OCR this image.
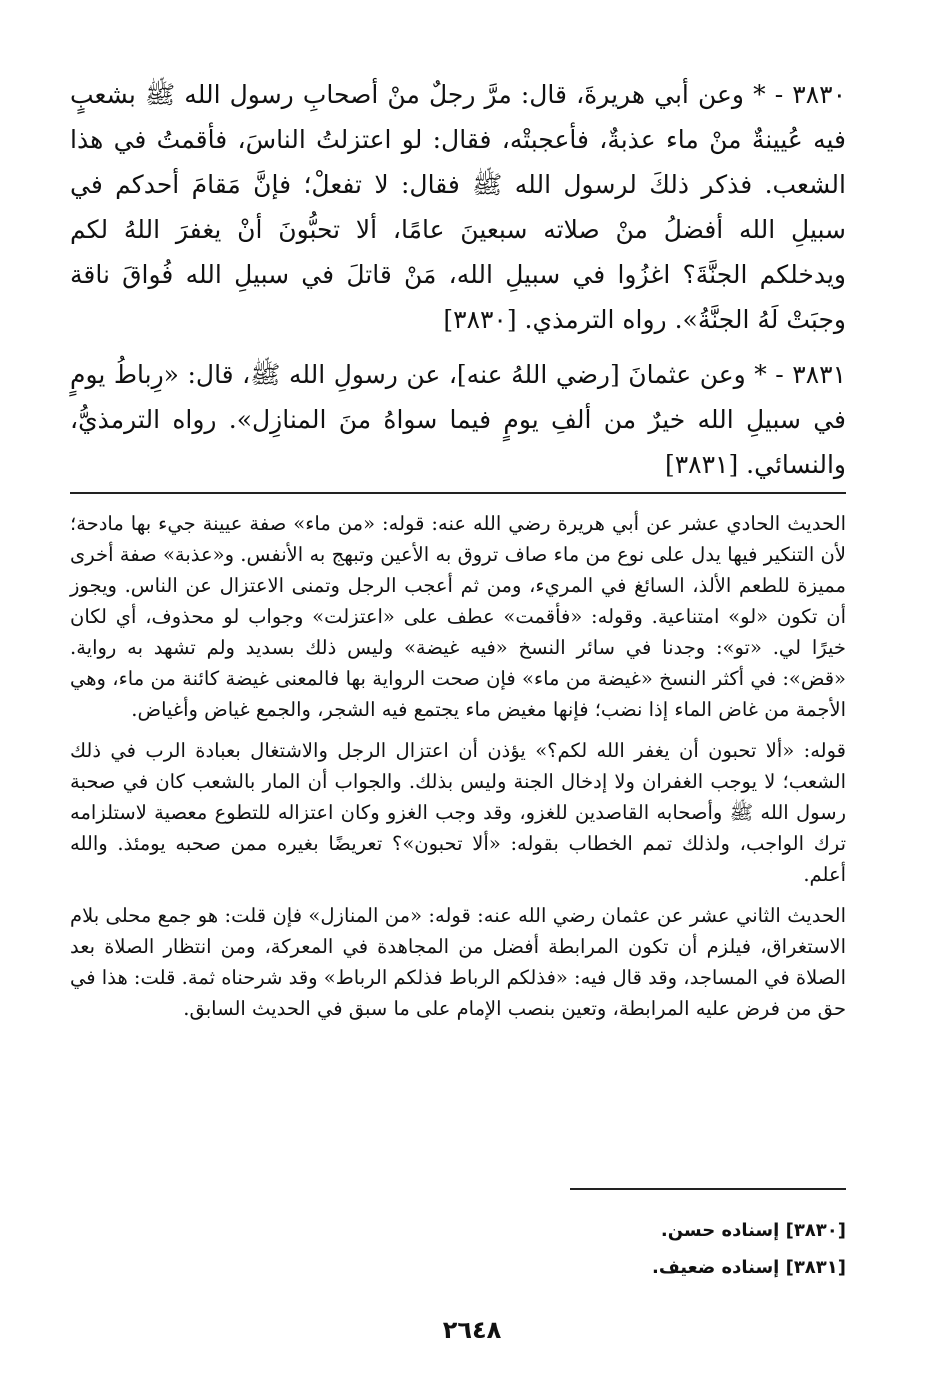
٣٨٣٠ - * وعن أبي هريرةَ، قال: مرَّ رجلٌ منْ أصحابِ رسول الله ﷺ بشعبٍ فيه عُيينةٌ منْ ماء عذبةٌ، فأعجبتْه، فقال: لو اعتزلتُ الناسَ، فأقمتُ في هذا الشعب. فذكر ذلكَ لرسول الله ﷺ فقال: لا تفعلْ؛ فإنَّ مَقامَ أحدكم في سبيلِ الله أفضلُ منْ صلاته سبعينَ عامًا، ألا تحبُّونَ أنْ يغفرَ اللهُ لكم ويدخلكم الجنَّةَ؟ اغزُوا في سبيلِ الله، مَنْ قاتلَ في سبيلِ الله فُواقَ ناقة وجبَتْ لَهُ الجنَّةُ». رواه الترمذي. [٣٨٣٠]

٣٨٣١ - * وعن عثمانَ [رضي اللهُ عنه]، عن رسولِ الله ﷺ، قال: «رِباطُ يومٍ في سبيلِ الله خيرٌ من ألفِ يومٍ فيما سواهُ منَ المنازِل». رواه الترمذيُّ، والنسائي. [٣٨٣١]

الحديث الحادي عشر عن أبي هريرة رضي الله عنه: قوله: «من ماء» صفة عيينة جيء بها مادحة؛ لأن التنكير فيها يدل على نوع من ماء صاف تروق به الأعين وتبهج به الأنفس. و«عذبة» صفة أخرى مميزة للطعم الألذ، السائغ في المريء، ومن ثم أعجب الرجل وتمنى الاعتزال عن الناس. ويجوز أن تكون «لو» امتناعية. وقوله: «فأقمت» عطف على «اعتزلت» وجواب لو محذوف، أي لكان خيرًا لي. «تو»: وجدنا في سائر النسخ «فيه غيضة» وليس ذلك بسديد ولم تشهد به رواية. «قض»: في أكثر النسخ «غيضة من ماء» فإن صحت الرواية بها فالمعنى غيضة كائنة من ماء، وهي الأجمة من غاض الماء إذا نضب؛ فإنها مغيض ماء يجتمع فيه الشجر، والجمع غياض وأغياض.

قوله: «ألا تحبون أن يغفر الله لكم؟» يؤذن أن اعتزال الرجل والاشتغال بعبادة الرب في ذلك الشعب؛ لا يوجب الغفران ولا إدخال الجنة وليس بذلك. والجواب أن المار بالشعب كان في صحبة رسول الله ﷺ وأصحابه القاصدين للغزو، وقد وجب الغزو وكان اعتزاله للتطوع معصية لاستلزامه ترك الواجب، ولذلك تمم الخطاب بقوله: «ألا تحبون»؟ تعريضًا بغيره ممن صحبه يومئذ. والله أعلم.

الحديث الثاني عشر عن عثمان رضي الله عنه: قوله: «من المنازل» فإن قلت: هو جمع محلى بلام الاستغراق، فيلزم أن تكون المرابطة أفضل من المجاهدة في المعركة، ومن انتظار الصلاة بعد الصلاة في المساجد، وقد قال فيه: «فذلكم الرباط فذلكم الرباط» وقد شرحناه ثمة. قلت: هذا في حق من فرض عليه المرابطة، وتعين بنصب الإمام على ما سبق في الحديث السابق.

[٣٨٣٠] إسناده حسن.
[٣٨٣١] إسناده ضعيف.
٢٦٤٨
